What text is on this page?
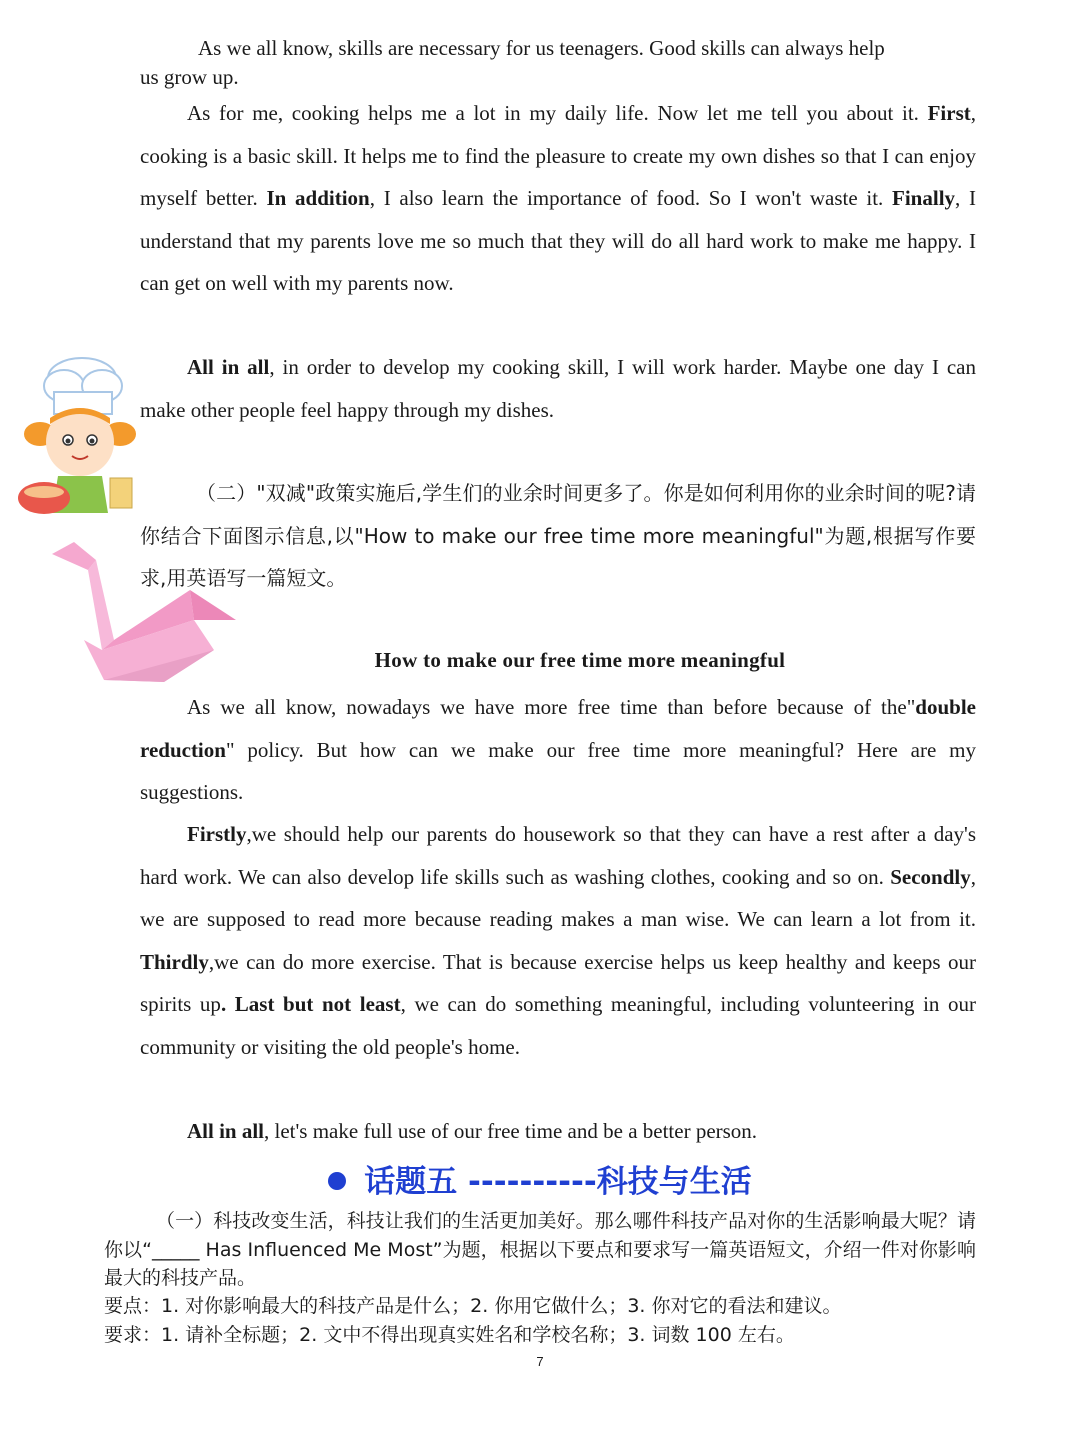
As we all know, skills are necessary for us teenagers. Good skills can always help
us grow up.

As for me, cooking helps me a lot in my daily life. Now let me tell you about it. First, cooking is a basic skill. It helps me to find the pleasure to create my own dishes so that I can enjoy myself better. In addition, I also learn the importance of food. So I won't waste it. Finally, I understand that my parents love me so much that they will do all hard work to make me happy. I can get on well with my parents now.

All in all, in order to develop my cooking skill, I will work harder. Maybe one day I can make other people feel happy through my dishes.

（二）"双减"政策实施后,学生们的业余时间更多了。你是如何利用你的业余时间的呢?请你结合下面图示信息,以"How to make our free time more meaningful"为题,根据写作要求,用英语写一篇短文。

How to make our free time more meaningful

As we all know, nowadays we have more free time than before because of the"double reduction" policy. But how can we make our free time more meaningful? Here are my suggestions.

Firstly,we should help our parents do housework so that they can have a rest after a day's hard work. We can also develop life skills such as washing clothes, cooking and so on. Secondly, we are supposed to read more because reading makes a man wise. We can learn a lot from it.      Thirdly,we can do more exercise. That is because exercise helps us keep healthy and keeps our spirits up. Last but not least, we can do something meaningful, including volunteering in our community or visiting the old people's home.

All in all, let's make full use of our free time and be a better person.

话题五 ----------科技与生活

（一）科技改变生活，科技让我们的生活更加美好。那么哪件科技产品对你的生活影响最大呢？请你以“_____ Has Influenced Me Most”为题，根据以下要点和要求写一篇英语短文，介绍一件对你影响最大的科技产品。

要点：1. 对你影响最大的科技产品是什么；2. 你用它做什么；3. 你对它的看法和建议。

要求：1. 请补全标题；2. 文中不得出现真实姓名和学校名称；3. 词数 100 左右。

7
